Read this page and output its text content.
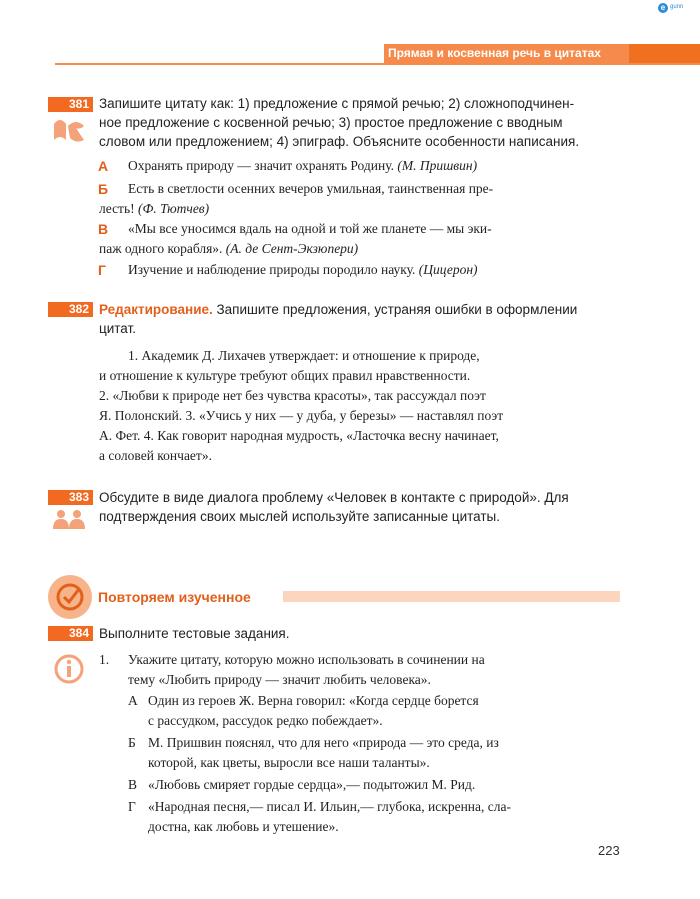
e gunn
Прямая и косвенная речь в цитатах
381 Запишите цитату как: 1) предложение с прямой речью; 2) сложноподчинен-
ное предложение с косвенной речью; 3) простое предложение с вводным
словом или предложением; 4) эпиграф. Объясните особенности написания.
А Охранять природу — значит охранять Родину. (М. Пришвин)
Б Есть в светлости осенних вечеров умильная, таинственная пре-
лесть! (Ф. Тютчев)
В «Мы все уносимся вдаль на одной и той же планете — мы эки-
паж одного корабля». (А. де Сент-Экзюпери)
Г Изучение и наблюдение природы породило науку. (Цицерон)
382 Редактирование. Запишите предложения, устраняя ошибки в оформлении
цитат.
1. Академик Д. Лихачев утверждает: и отношение к природе,
и отношение к культуре требуют общих правил нравственности.
2. «Любви к природе нет без чувства красоты», так рассуждал поэт
Я. Полонский. 3. «Учись у них — у дуба, у березы» — наставлял поэт
А. Фет. 4. Как говорит народная мудрость, «Ласточка весну начинает,
а соловей кончает».
383 Обсудите в виде диалога проблему «Человек в контакте с природой». Для
подтверждения своих мыслей используйте записанные цитаты.
Повторяем изученное
384 Выполните тестовые задания.
1. Укажите цитату, которую можно использовать в сочинении на
тему «Любить природу — значит любить человека».
А Один из героев Ж. Верна говорил: «Когда сердце борется
с рассудком, рассудок редко побеждает».
Б М. Пришвин пояснял, что для него «природа — это среда, из
которой, как цветы, выросли все наши таланты».
В «Любовь смиряет гордые сердца»,— подытожил М. Рид.
Г «Народная песня,— писал И. Ильин,— глубока, искренна, сла-
достна, как любовь и утешение».
223
